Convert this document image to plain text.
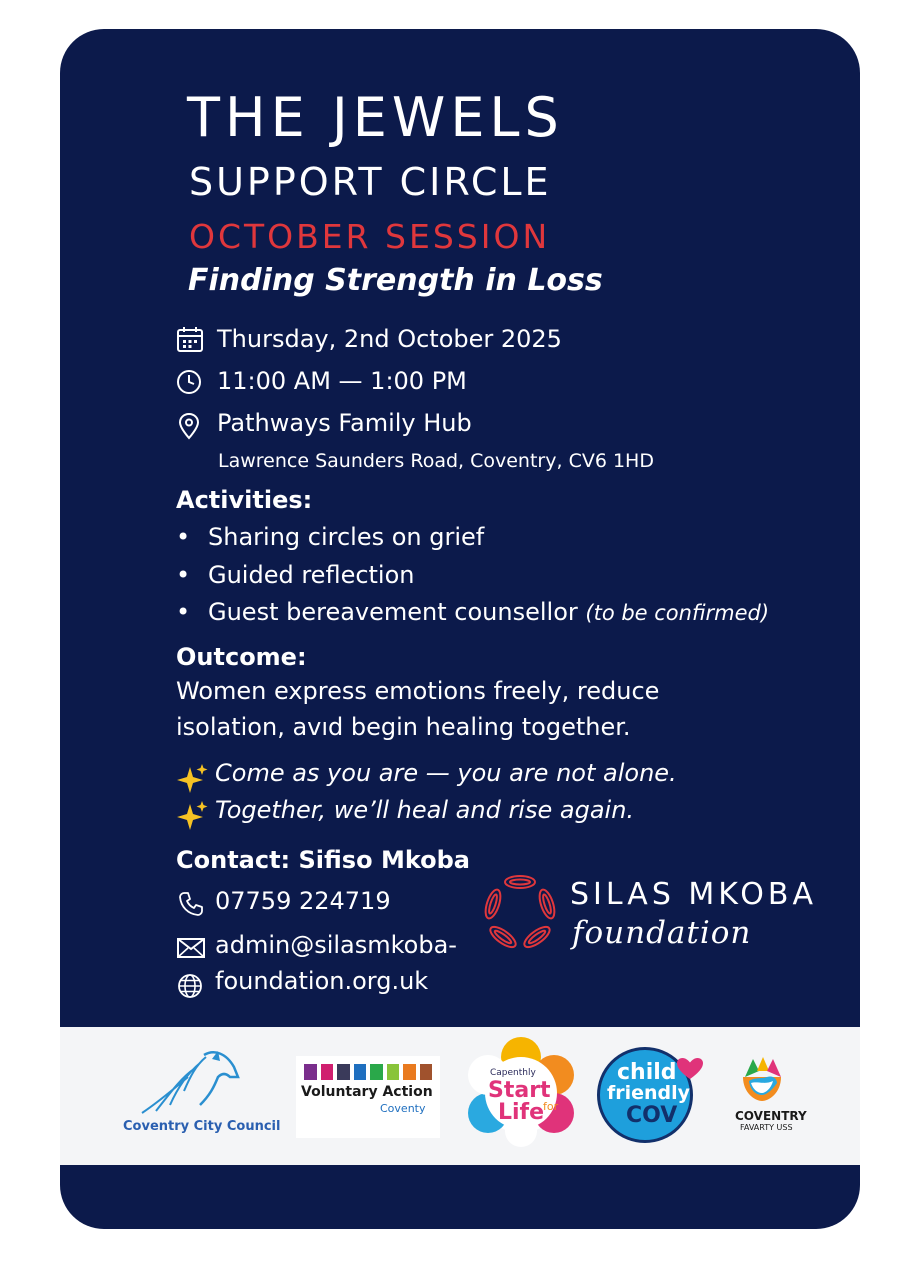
THE JEWELS
SUPPORT CIRCLE
OCTOBER SESSION
Finding Strength in Loss
Thursday, 2nd October 2025
11:00 AM — 1:00 PM
Pathways Family Hub
Lawrence Saunders Road, Coventry, CV6 1HD
Activities:
• Sharing circles on grief
• Guided reflection
• Guest bereavement counsellor (to be confirmed)
Outcome:
Women express emotions freely, reduce
isolation, avıd begin healing together.
Come as you are — you are not alone.
Together, we’ll heal and rise again.
Contact: Sifiso Mkoba
07759 224719
admin@silasmkoba-
foundation.org.uk
SILAS MKOBA
foundation
Coventry City Council
Voluntary Action
Coventy
Capenthly
Start
for
Life
child
friendly
COV	COVENTRY
FAVARTY USS
